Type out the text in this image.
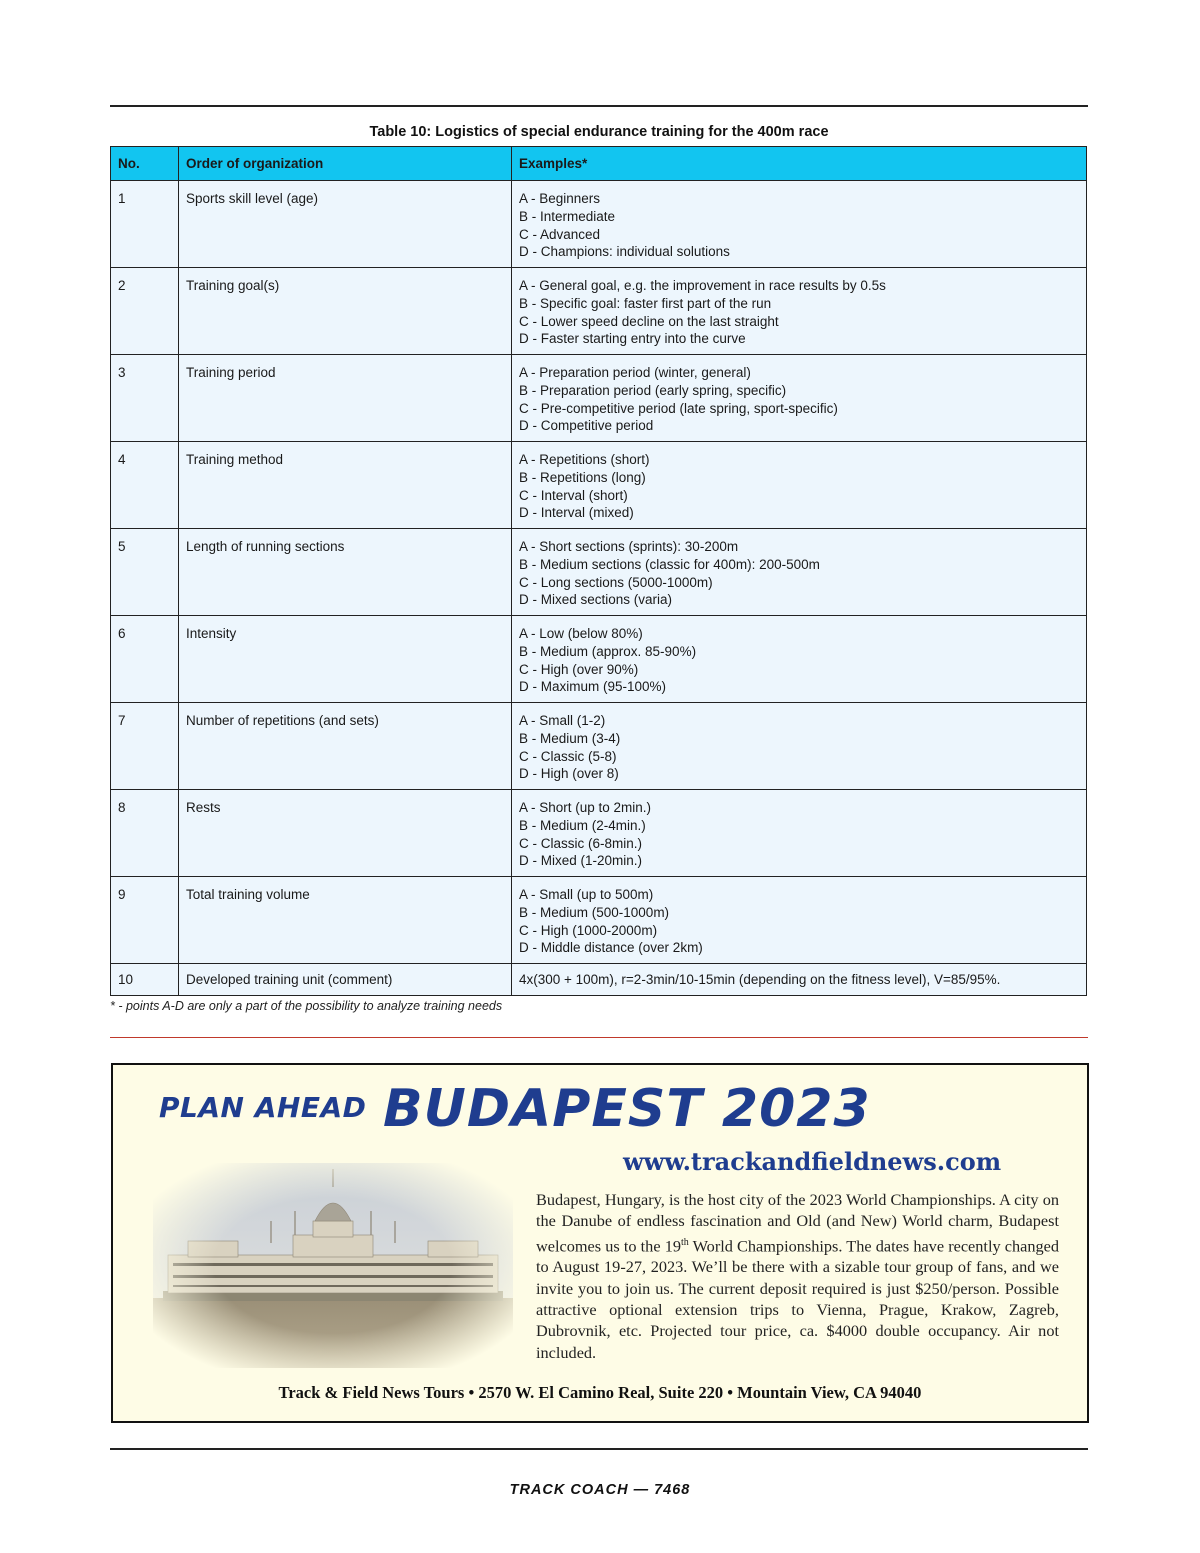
Table 10: Logistics of special endurance training for the 400m race
No.	Order of organization	Examples*
1	Sports skill level (age)	A - Beginners
B - Intermediate
C - Advanced
D - Champions: individual solutions

2	Training goal(s)	A - General goal, e.g. the improvement in race results by 0.5s
B - Specific goal: faster first part of the run
C - Lower speed decline on the last straight
D - Faster starting entry into the curve

3	Training period	A - Preparation period (winter, general)
B - Preparation period (early spring, specific)
C - Pre-competitive period (late spring, sport-specific)
D - Competitive period

4	Training method	A - Repetitions (short)
B - Repetitions (long)
C - Interval (short)
D - Interval (mixed)

5	Length of running sections	A - Short sections (sprints): 30-200m
B - Medium sections (classic for 400m): 200-500m
C - Long sections (5000-1000m)
D - Mixed sections (varia)

6	Intensity	A - Low (below 80%)
B - Medium (approx. 85-90%)
C - High (over 90%)
D - Maximum (95-100%)

7	Number of repetitions (and sets)	A - Small (1-2)
B - Medium (3-4)
C - Classic (5-8)
D - High (over 8)

8	Rests	A - Short (up to 2min.)
B - Medium (2-4min.)
C - Classic (6-8min.)
D - Mixed (1-20min.)

9	Total training volume	A - Small (up to 500m)
B - Medium (500-1000m)
C - High (1000-2000m)
D - Middle distance (over 2km)

10	Developed training unit (comment)	4x(300 + 100m), r=2-3min/10-15min (depending on the fitness level), V=85/95%.
* - points A-D are only a part of the possibility to analyze training needs
PLAN AHEAD BUDAPEST 2023
www.trackandfieldnews.com
Budapest, Hungary, is the host city of the 2023 World Championships. A city on the Danube of endless fascination and Old (and New) World charm, Budapest welcomes us to the 19th World Championships. The dates have recently changed to August 19-27, 2023. We’ll be there with a sizable tour group of fans, and we invite you to join us. The current deposit required is just $250/person. Possible attractive optional extension trips to Vienna, Prague, Krakow, Zagreb, Dubrovnik, etc. Projected tour price, ca. $4000 double occupancy. Air not included.
Track & Field News Tours • 2570 W. El Camino Real, Suite 220 • Mountain View, CA 94040
TRACK COACH — 7468
